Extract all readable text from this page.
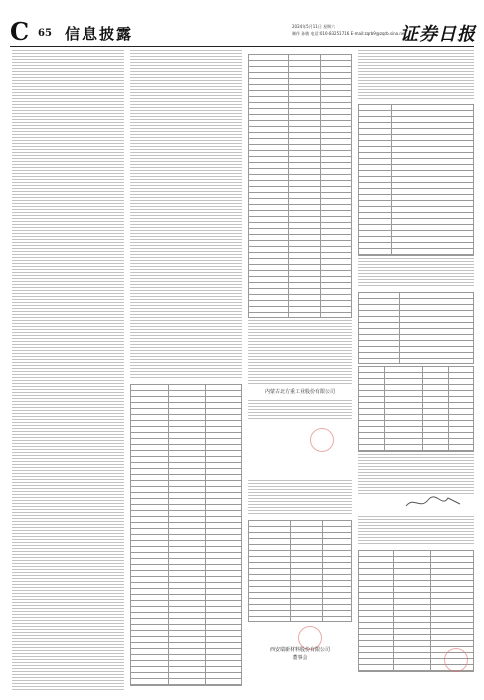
C 65 信息披露	2024年5月11日 星期六
制作 孙敏 电话:010-83251716 E-mail:zqrb9@zqrb.sina.net
证券日报
内蒙古北方重工业股份有限公司
西安瑞新材料股份有限公司
董事会
